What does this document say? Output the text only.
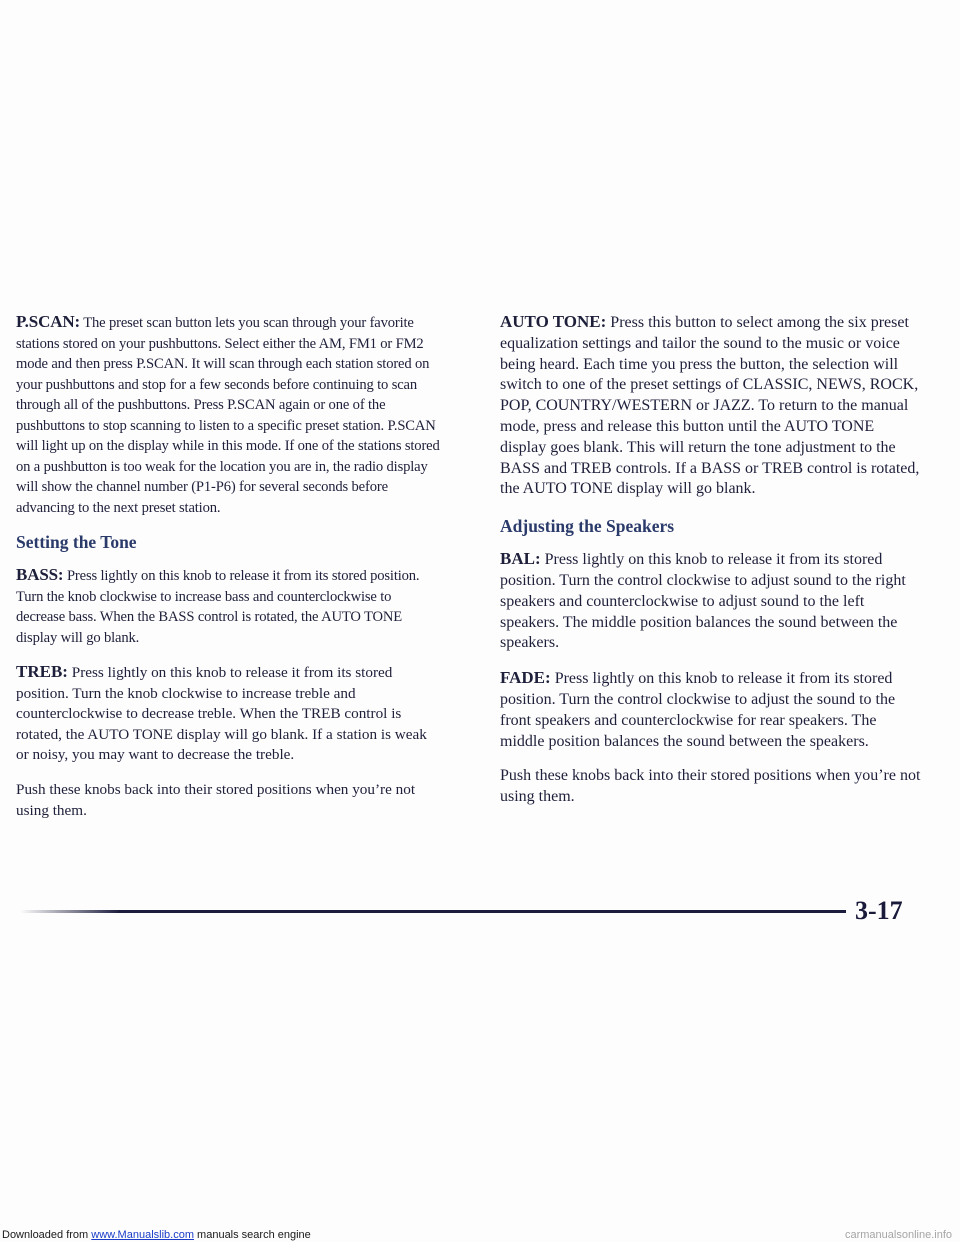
P.SCAN: The preset scan button lets you scan through your favorite stations stored on your pushbuttons. Select either the AM, FM1 or FM2 mode and then press P.SCAN. It will scan through each station stored on your pushbuttons and stop for a few seconds before continuing to scan through all of the pushbuttons. Press P.SCAN again or one of the pushbuttons to stop scanning to listen to a specific preset station. P.SCAN will light up on the display while in this mode. If one of the stations stored on a pushbutton is too weak for the location you are in, the radio display will show the channel number (P1-P6) for several seconds before advancing to the next preset station.

Setting the Tone

BASS: Press lightly on this knob to release it from its stored position. Turn the knob clockwise to increase bass and counterclockwise to decrease bass. When the BASS control is rotated, the AUTO TONE display will go blank.

TREB: Press lightly on this knob to release it from its stored position. Turn the knob clockwise to increase treble and counterclockwise to decrease treble. When the TREB control is rotated, the AUTO TONE display will go blank. If a station is weak or noisy, you may want to decrease the treble.

Push these knobs back into their stored positions when you’re not using them.

AUTO TONE: Press this button to select among the six preset equalization settings and tailor the sound to the music or voice being heard. Each time you press the button, the selection will switch to one of the preset settings of CLASSIC, NEWS, ROCK, POP, COUNTRY/WESTERN or JAZZ. To return to the manual mode, press and release this button until the AUTO TONE display goes blank. This will return the tone adjustment to the BASS and TREB controls. If a BASS or TREB control is rotated, the AUTO TONE display will go blank.

Adjusting the Speakers

BAL: Press lightly on this knob to release it from its stored position. Turn the control clockwise to adjust sound to the right speakers and counterclockwise to adjust sound to the left speakers. The middle position balances the sound between the speakers.

FADE: Press lightly on this knob to release it from its stored position. Turn the control clockwise to adjust the sound to the front speakers and counterclockwise for rear speakers. The middle position balances the sound between the speakers.

Push these knobs back into their stored positions when you’re not using them.

3-17
Downloaded from www.Manualslib.com manuals search engine	carmanualsonline.info
